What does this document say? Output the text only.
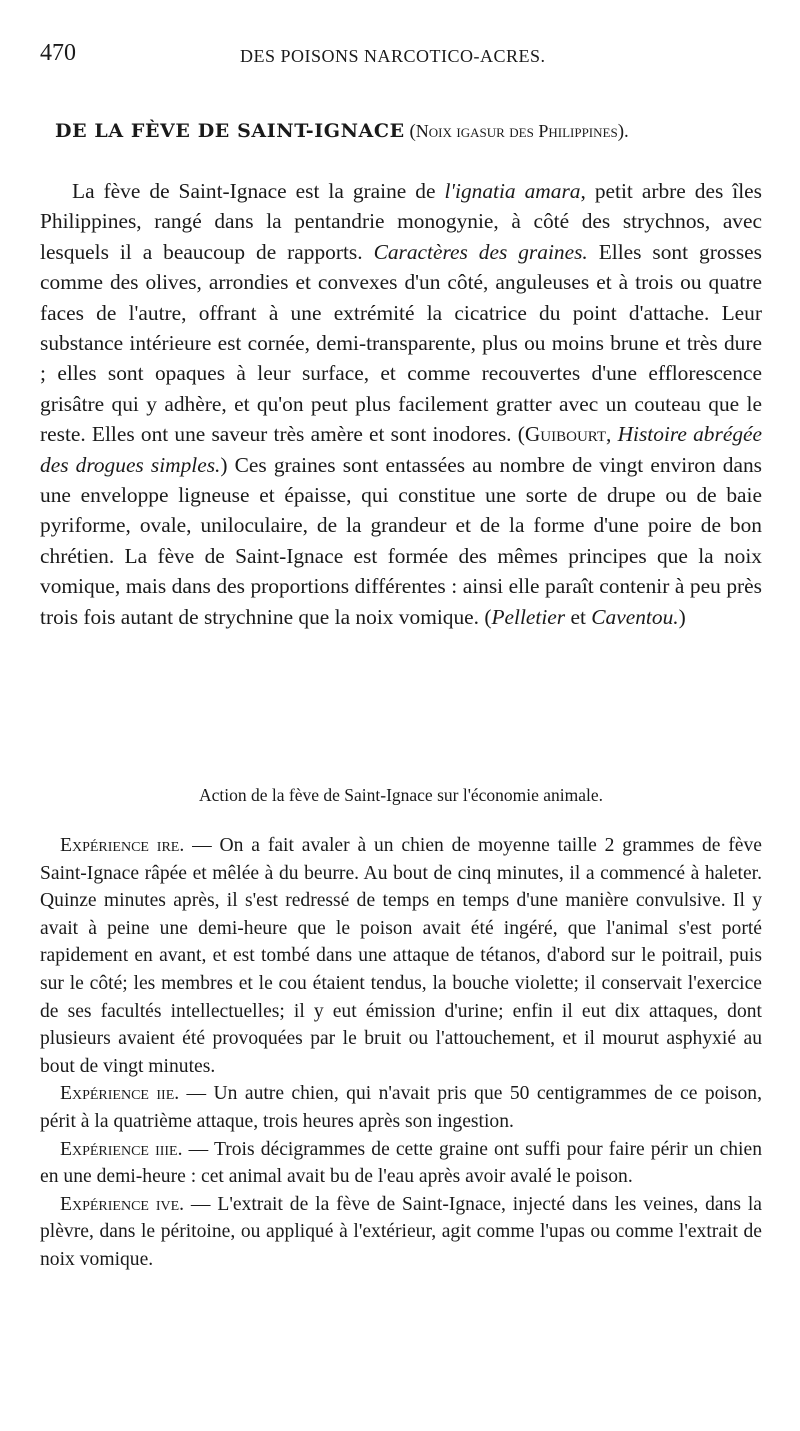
470	DES POISONS NARCOTICO-ACRES.
DE LA FÈVE DE SAINT-IGNACE (Noix igasur des Philippines).

La fève de Saint-Ignace est la graine de l'ignatia amara, petit arbre des îles Philippines, rangé dans la pentandrie monogynie, à côté des strychnos, avec lesquels il a beaucoup de rapports. Caractères des graines. Elles sont grosses comme des olives, arrondies et convexes d'un côté, anguleuses et à trois ou quatre faces de l'autre, offrant à une extrémité la cicatrice du point d'attache. Leur substance intérieure est cornée, demi-transparente, plus ou moins brune et très dure ; elles sont opaques à leur surface, et comme recouvertes d'une efflorescence grisâtre qui y adhère, et qu'on peut plus facilement gratter avec un couteau que le reste. Elles ont une saveur très amère et sont inodores. (Guibourt, Histoire abrégée des drogues simples.) Ces graines sont entassées au nombre de vingt environ dans une enveloppe ligneuse et épaisse, qui constitue une sorte de drupe ou de baie pyriforme, ovale, uniloculaire, de la grandeur et de la forme d'une poire de bon chrétien. La fève de Saint-Ignace est formée des mêmes principes que la noix vomique, mais dans des proportions différentes : ainsi elle paraît contenir à peu près trois fois autant de strychnine que la noix vomique. (Pelletier et Caventou.)

Action de la fève de Saint-Ignace sur l'économie animale.

Expérience ire. — On a fait avaler à un chien de moyenne taille 2 grammes de fève Saint-Ignace râpée et mêlée à du beurre. Au bout de cinq minutes, il a commencé à haleter. Quinze minutes après, il s'est redressé de temps en temps d'une manière convulsive. Il y avait à peine une demi-heure que le poison avait été ingéré, que l'animal s'est porté rapidement en avant, et est tombé dans une attaque de tétanos, d'abord sur le poitrail, puis sur le côté; les membres et le cou étaient tendus, la bouche violette; il conservait l'exercice de ses facultés intellectuelles; il y eut émission d'urine; enfin il eut dix attaques, dont plusieurs avaient été provoquées par le bruit ou l'attouchement, et il mourut asphyxié au bout de vingt minutes.

Expérience iie. — Un autre chien, qui n'avait pris que 50 centigrammes de ce poison, périt à la quatrième attaque, trois heures après son ingestion.

Expérience iiie. — Trois décigrammes de cette graine ont suffi pour faire périr un chien en une demi-heure : cet animal avait bu de l'eau après avoir avalé le poison.

Expérience ive. — L'extrait de la fève de Saint-Ignace, injecté dans les veines, dans la plèvre, dans le péritoine, ou appliqué à l'extérieur, agit comme l'upas ou comme l'extrait de noix vomique.
